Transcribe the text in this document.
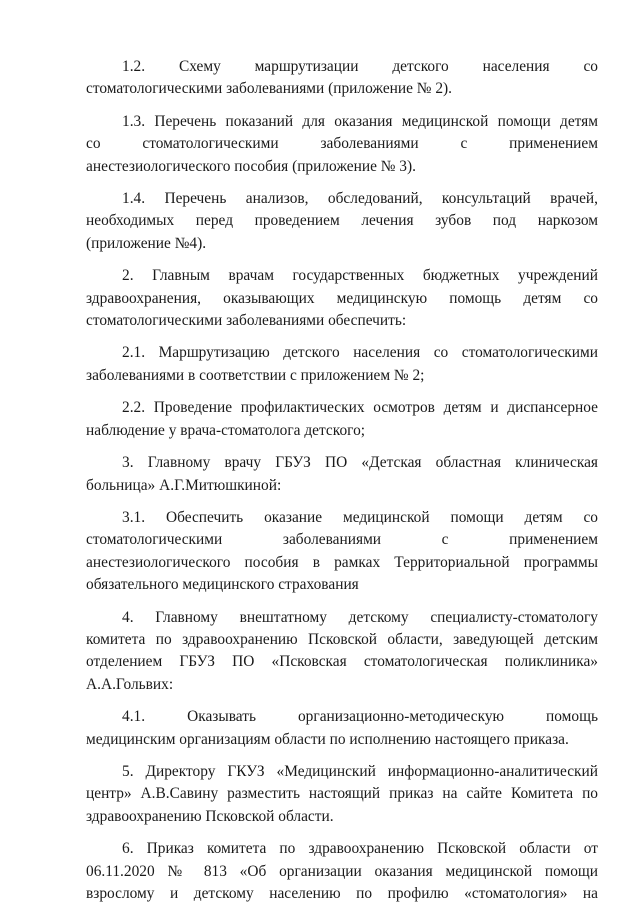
1.2. Схему маршрутизации детского населения со
стоматологическими заболеваниями (приложение № 2).

1.3. Перечень показаний для оказания медицинской помощи детям
со стоматологическими заболеваниями с применением
анестезиологического пособия (приложение № 3).

1.4. Перечень анализов, обследований, консультаций врачей,
необходимых перед проведением лечения зубов под наркозом
(приложение №4).

2. Главным врачам государственных бюджетных учреждений
здравоохранения, оказывающих медицинскую помощь детям со
стоматологическими заболеваниями обеспечить:

2.1. Маршрутизацию детского населения со стоматологическими
заболеваниями в соответствии с приложением № 2;

2.2. Проведение профилактических осмотров детям и диспансерное
наблюдение у врача-стоматолога детского;

3. Главному врачу ГБУЗ ПО «Детская областная клиническая
больница» А.Г.Митюшкиной:

3.1. Обеспечить оказание медицинской помощи детям со
стоматологическими заболеваниями с применением
анестезиологического пособия в рамках Территориальной программы
обязательного медицинского страхования

4. Главному внештатному детскому специалисту-стоматологу
комитета по здравоохранению Псковской области, заведующей детским
отделением ГБУЗ ПО «Псковская стоматологическая поликлиника»
А.А.Гольвих:

4.1. Оказывать организационно-методическую помощь
медицинским организациям области по исполнению настоящего приказа.

5. Директору ГКУЗ «Медицинский информационно-аналитический
центр» А.В.Савину разместить настоящий приказ на сайте Комитета по
здравоохранению Псковской области.

6. Приказ комитета по здравоохранению Псковской области от
06.11.2020 № 813 «Об организации оказания медицинской помощи
взрослому и детскому населению по профилю «стоматология» на
